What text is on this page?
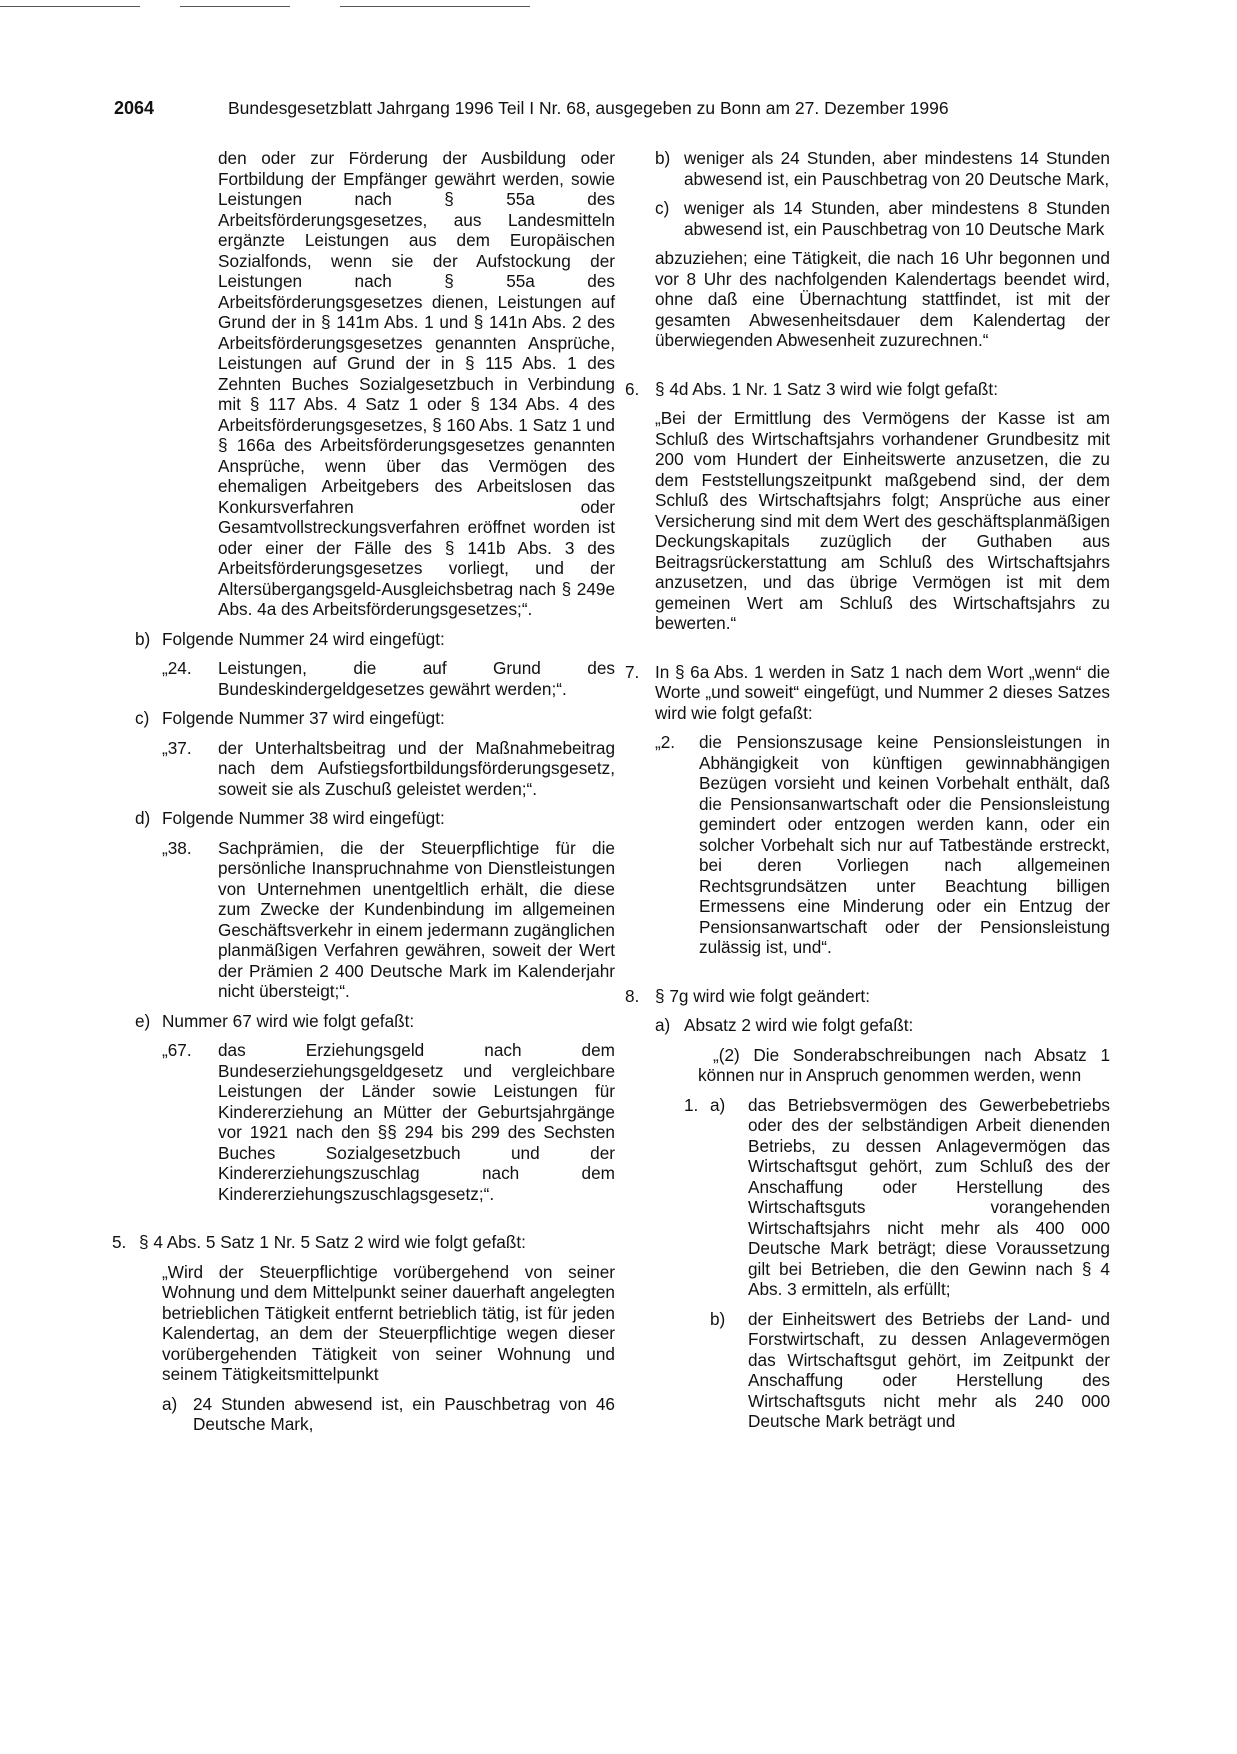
2064	Bundesgesetzblatt Jahrgang 1996 Teil I Nr. 68, ausgegeben zu Bonn am 27. Dezember 1996

den oder zur Förderung der Ausbildung oder Fortbildung der Empfänger gewährt werden, sowie Leistungen nach § 55a des Arbeitsförderungsgesetzes, aus Landesmitteln ergänzte Leistungen aus dem Europäischen Sozialfonds, wenn sie der Aufstockung der Leistungen nach § 55a des Arbeitsförderungsgesetzes dienen, Leistungen auf Grund der in § 141m Abs. 1 und § 141n Abs. 2 des Arbeitsförderungsgesetzes genannten Ansprüche, Leistungen auf Grund der in § 115 Abs. 1 des Zehnten Buches Sozialgesetzbuch in Verbindung mit § 117 Abs. 4 Satz 1 oder § 134 Abs. 4 des Arbeitsförderungsgesetzes, § 160 Abs. 1 Satz 1 und § 166a des Arbeitsförderungsgesetzes genannten Ansprüche, wenn über das Vermögen des ehemaligen Arbeitgebers des Arbeitslosen das Konkursverfahren oder Gesamtvollstreckungsverfahren eröffnet worden ist oder einer der Fälle des § 141b Abs. 3 des Arbeitsförderungsgesetzes vorliegt, und der Altersübergangsgeld-Ausgleichsbetrag nach § 249e Abs. 4a des Arbeitsförderungsgesetzes;“.

b) Folgende Nummer 24 wird eingefügt:

„24. Leistungen, die auf Grund des Bundeskindergeldgesetzes gewährt werden;“.

c) Folgende Nummer 37 wird eingefügt:

„37. der Unterhaltsbeitrag und der Maßnahmebeitrag nach dem Aufstiegsfortbildungsförderungsgesetz, soweit sie als Zuschuß geleistet werden;“.

d) Folgende Nummer 38 wird eingefügt:

„38. Sachprämien, die der Steuerpflichtige für die persönliche Inanspruchnahme von Dienstleistungen von Unternehmen unentgeltlich erhält, die diese zum Zwecke der Kundenbindung im allgemeinen Geschäftsverkehr in einem jedermann zugänglichen planmäßigen Verfahren gewähren, soweit der Wert der Prämien 2 400 Deutsche Mark im Kalenderjahr nicht übersteigt;“.

e) Nummer 67 wird wie folgt gefaßt:

„67. das Erziehungsgeld nach dem Bundeserziehungsgeldgesetz und vergleichbare Leistungen der Länder sowie Leistungen für Kindererziehung an Mütter der Geburtsjahrgänge vor 1921 nach den §§ 294 bis 299 des Sechsten Buches Sozialgesetzbuch und der Kindererziehungszuschlag nach dem Kindererziehungszuschlagsgesetz;“.

5. § 4 Abs. 5 Satz 1 Nr. 5 Satz 2 wird wie folgt gefaßt:

„Wird der Steuerpflichtige vorübergehend von seiner Wohnung und dem Mittelpunkt seiner dauerhaft angelegten betrieblichen Tätigkeit entfernt betrieblich tätig, ist für jeden Kalendertag, an dem der Steuerpflichtige wegen dieser vorübergehenden Tätigkeit von seiner Wohnung und seinem Tätigkeitsmittelpunkt

a) 24 Stunden abwesend ist, ein Pauschbetrag von 46 Deutsche Mark,

b) weniger als 24 Stunden, aber mindestens 14 Stunden abwesend ist, ein Pauschbetrag von 20 Deutsche Mark,

c) weniger als 14 Stunden, aber mindestens 8 Stunden abwesend ist, ein Pauschbetrag von 10 Deutsche Mark

abzuziehen; eine Tätigkeit, die nach 16 Uhr begonnen und vor 8 Uhr des nachfolgenden Kalendertags beendet wird, ohne daß eine Übernachtung stattfindet, ist mit der gesamten Abwesenheitsdauer dem Kalendertag der überwiegenden Abwesenheit zuzurechnen.“

6. § 4d Abs. 1 Nr. 1 Satz 3 wird wie folgt gefaßt:

„Bei der Ermittlung des Vermögens der Kasse ist am Schluß des Wirtschaftsjahrs vorhandener Grundbesitz mit 200 vom Hundert der Einheitswerte anzusetzen, die zu dem Feststellungszeitpunkt maßgebend sind, der dem Schluß des Wirtschaftsjahrs folgt; Ansprüche aus einer Versicherung sind mit dem Wert des geschäftsplanmäßigen Deckungskapitals zuzüglich der Guthaben aus Beitragsrückerstattung am Schluß des Wirtschaftsjahrs anzusetzen, und das übrige Vermögen ist mit dem gemeinen Wert am Schluß des Wirtschaftsjahrs zu bewerten.“

7. In § 6a Abs. 1 werden in Satz 1 nach dem Wort „wenn“ die Worte „und soweit“ eingefügt, und Nummer 2 dieses Satzes wird wie folgt gefaßt:

„2. die Pensionszusage keine Pensionsleistungen in Abhängigkeit von künftigen gewinnabhängigen Bezügen vorsieht und keinen Vorbehalt enthält, daß die Pensionsanwartschaft oder die Pensionsleistung gemindert oder entzogen werden kann, oder ein solcher Vorbehalt sich nur auf Tatbestände erstreckt, bei deren Vorliegen nach allgemeinen Rechtsgrundsätzen unter Beachtung billigen Ermessens eine Minderung oder ein Entzug der Pensionsanwartschaft oder der Pensionsleistung zulässig ist, und“.

8. § 7g wird wie folgt geändert:

a) Absatz 2 wird wie folgt gefaßt:

„(2) Die Sonderabschreibungen nach Absatz 1 können nur in Anspruch genommen werden, wenn

1. a) das Betriebsvermögen des Gewerbebetriebs oder des der selbständigen Arbeit dienenden Betriebs, zu dessen Anlagevermögen das Wirtschaftsgut gehört, zum Schluß des der Anschaffung oder Herstellung des Wirtschaftsguts vorangehenden Wirtschaftsjahrs nicht mehr als 400 000 Deutsche Mark beträgt; diese Voraussetzung gilt bei Betrieben, die den Gewinn nach § 4 Abs. 3 ermitteln, als erfüllt;

b) der Einheitswert des Betriebs der Land- und Forstwirtschaft, zu dessen Anlagevermögen das Wirtschaftsgut gehört, im Zeitpunkt der Anschaffung oder Herstellung des Wirtschaftsguts nicht mehr als 240 000 Deutsche Mark beträgt und
